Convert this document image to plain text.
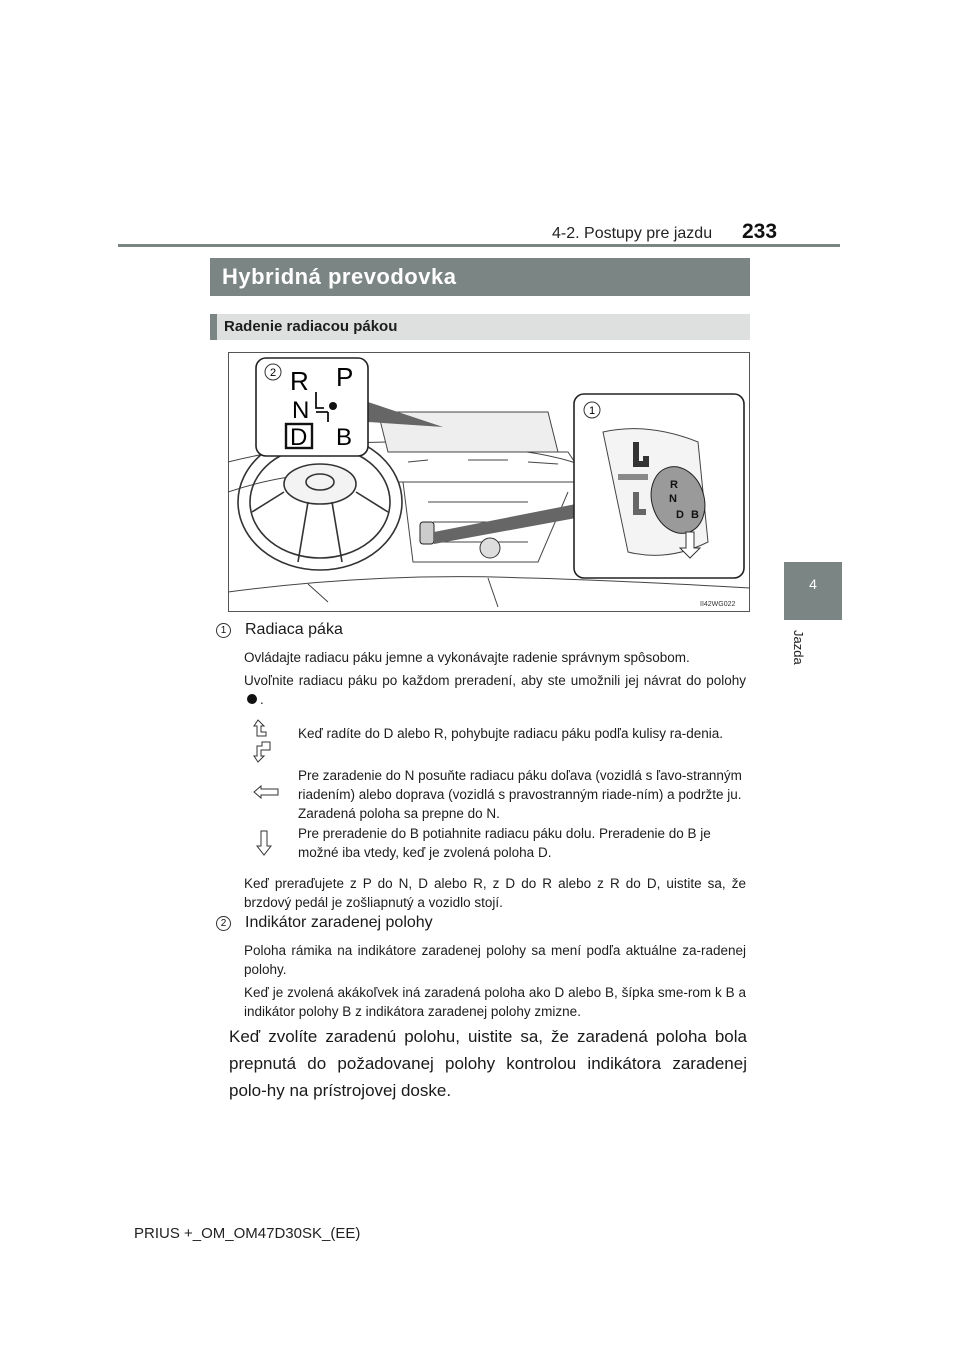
4-2. Postupy pre jazdu 233
4
Jazda
Hybridná prevodovka
Radenie radiacou pákou
2 R P
N
D B
1
R
N
D B
II42WG022
1 Radiaca páka
Ovládajte radiacu páku jemne a vykonávajte radenie správnym spôsobom.
Uvoľnite radiacu páku po každom preradení, aby ste umožnili jej návrat do polohy .
Keď radíte do D alebo R, pohybujte radiacu páku podľa kulisy ra-denia.
Pre zaradenie do N posuňte radiacu páku doľava (vozidlá s ľavo-stranným riadením) alebo doprava (vozidlá s pravostranným riade-ním) a podržte ju. Zaradená poloha sa prepne do N.
Pre preradenie do B potiahnite radiacu páku dolu. Preradenie do B je možné iba vtedy, keď je zvolená poloha D.
Keď preraďujete z P do N, D alebo R, z D do R alebo z R do D, uistite sa, že brzdový pedál je zošliapnutý a vozidlo stojí.
2 Indikátor zaradenej polohy
Poloha rámika na indikátore zaradenej polohy sa mení podľa aktuálne za-radenej polohy.
Keď je zvolená akákoľvek iná zaradená poloha ako D alebo B, šípka sme-rom k B a indikátor polohy B z indikátora zaradenej polohy zmizne.
Keď zvolíte zaradenú polohu, uistite sa, že zaradená poloha bola prepnutá do požadovanej polohy kontrolou indikátora zaradenej polo-hy na prístrojovej doske.
PRIUS +_OM_OM47D30SK_(EE)
